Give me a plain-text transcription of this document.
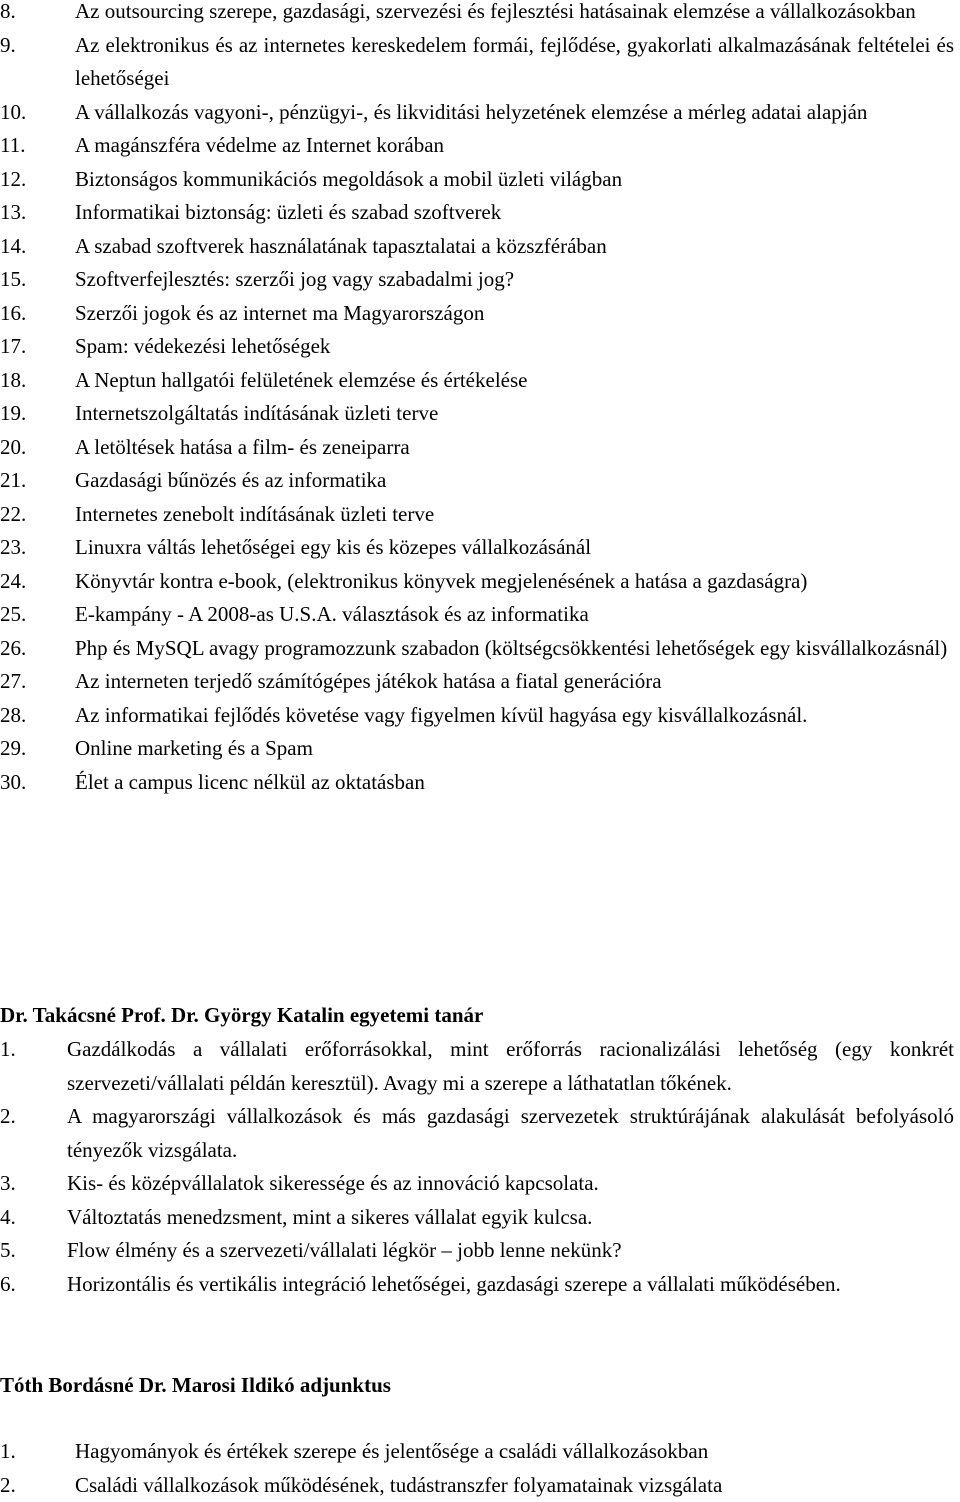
8.	Az outsourcing szerepe, gazdasági, szervezési és fejlesztési hatásainak elemzése a vállalkozásokban
9.	Az elektronikus és az internetes kereskedelem formái, fejlődése, gyakorlati alkalmazásának feltételei és lehetőségei
10.	A vállalkozás vagyoni-, pénzügyi-, és likviditási helyzetének elemzése a mérleg adatai alapján
11.	A magánszféra védelme az Internet korában
12.	Biztonságos kommunikációs megoldások a mobil üzleti világban
13.	Informatikai biztonság: üzleti és szabad szoftverek
14.	A szabad szoftverek használatának tapasztalatai a közszférában
15.	Szoftverfejlesztés: szerzői jog vagy szabadalmi jog?
16.	Szerzői jogok és az internet ma Magyarországon
17.	Spam: védekezési lehetőségek
18.	A Neptun hallgatói felületének elemzése és értékelése
19.	Internetszolgáltatás indításának üzleti terve
20.	A letöltések hatása a film- és zeneiparra
21.	Gazdasági bűnözés és az informatika
22.	Internetes zenebolt indításának üzleti terve
23.	Linuxra váltás lehetőségei egy kis és közepes vállalkozásánál
24.	Könyvtár kontra e-book, (elektronikus könyvek megjelenésének a hatása a gazdaságra)
25.	E-kampány - A 2008-as U.S.A. választások és az informatika
26.	Php és MySQL avagy programozzunk szabadon (költségcsökkentési lehetőségek egy kisvállalkozásnál)
27.	Az interneten terjedő számítógépes játékok hatása a fiatal generációra
28.	Az informatikai fejlődés követése vagy figyelmen kívül hagyása egy kisvállalkozásnál.
29.	Online marketing és a Spam
30.	Élet a campus licenc nélkül az oktatásban
Dr. Takácsné Prof. Dr. György Katalin egyetemi tanár
1.	Gazdálkodás a vállalati erőforrásokkal, mint erőforrás racionalizálási lehetőség (egy konkrét szervezeti/vállalati példán keresztül). Avagy mi a szerepe a láthatatlan tőkének.
2.	A magyarországi vállalkozások és más gazdasági szervezetek struktúrájának alakulását befolyásoló tényezők vizsgálata.
3.	Kis- és középvállalatok sikeressége és az innováció kapcsolata.
4.	Változtatás menedzsment, mint a sikeres vállalat egyik kulcsa.
5.	Flow élmény és a szervezeti/vállalati légkör – jobb lenne nekünk?
6.	Horizontális és vertikális integráció lehetőségei, gazdasági szerepe a vállalati működésében.
Tóth Bordásné Dr. Marosi Ildikó adjunktus
1.	Hagyományok és értékek szerepe és jelentősége a családi vállalkozásokban
2.	Családi vállalkozások működésének, tudástranszfer folyamatainak vizsgálata
